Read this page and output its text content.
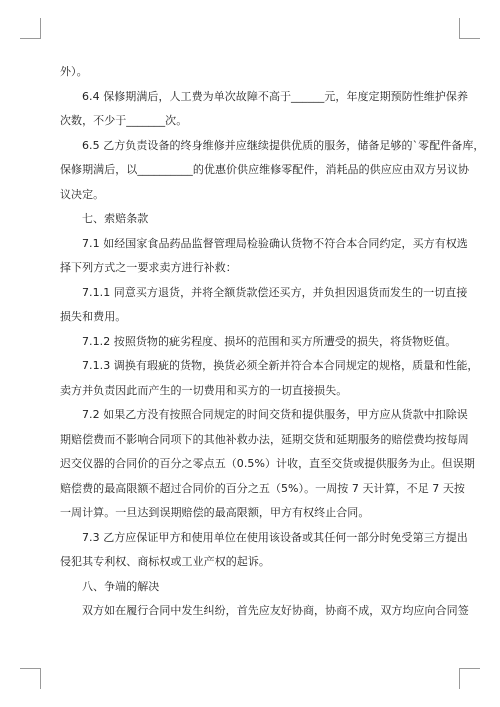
外）。

6.4 保修期满后，人工费为单次故障不高于______元，年度定期预防性维护保养

次数，不少于_______次。

6.5 乙方负责设备的终身维修并应继续提供优质的服务，储备足够的`零配件备库，

保修期满后，以__________的优惠价供应维修零配件，消耗品的供应应由双方另议协

议决定。

七、索赔条款

7.1 如经国家食品药品监督管理局检验确认货物不符合本合同约定，买方有权选

择下列方式之一要求卖方进行补救：

7.1.1 同意买方退货，并将全额货款偿还买方，并负担因退货而发生的一切直接

损失和费用。

7.1.2 按照货物的疵劣程度、损坏的范围和买方所遭受的损失，将货物贬值。

7.1.3 调换有瑕疵的货物，换货必须全新并符合本合同规定的规格，质量和性能，

卖方并负责因此而产生的一切费用和买方的一切直接损失。

7.2 如果乙方没有按照合同规定的时间交货和提供服务，甲方应从货款中扣除误

期赔偿费而不影响合同项下的其他补救办法，延期交货和延期服务的赔偿费均按每周

迟交仪器的合同价的百分之零点五（0.5%）计收，直至交货或提供服务为止。但误期

赔偿费的最高限额不超过合同价的百分之五（5%）。一周按 7 天计算，不足 7 天按

一周计算。一旦达到误期赔偿的最高限额，甲方有权终止合同。

7.3 乙方应保证甲方和使用单位在使用该设备或其任何一部分时免受第三方提出

侵犯其专利权、商标权或工业产权的起诉。

八、争端的解决

双方如在履行合同中发生纠纷，首先应友好协商，协商不成，双方均应向合同签
